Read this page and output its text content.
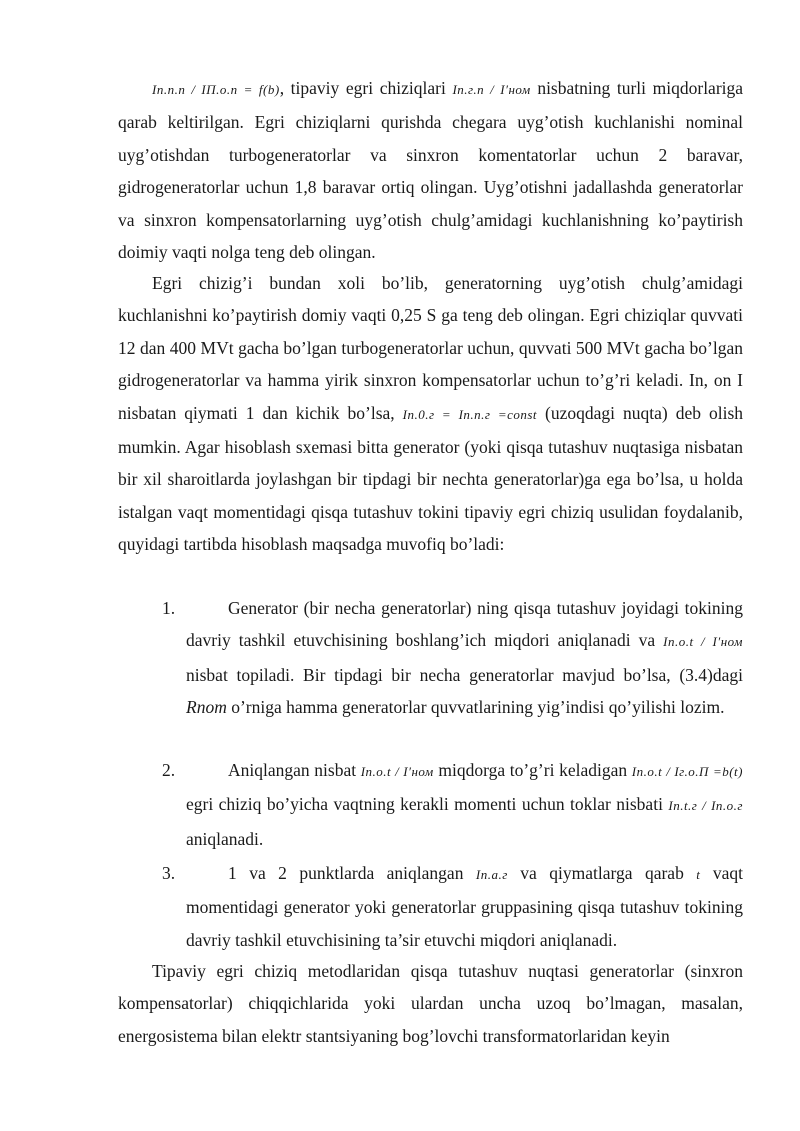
Iп.п.п / IП.о.п = f(b), tipaviy egri chiziqlari Iп.г.п / I′ном nisbatning turli miqdorlariga qarab keltirilgan. Egri chiziqlarni qurishda chegara uyg’otish kuchlanishi nominal uyg’otishdan turbogeneratorlar va sinxron komentatorlar uchun 2 baravar, gidrogeneratorlar uchun 1,8 baravar ortiq olingan. Uyg’otishni jadallashda generatorlar va sinxron kompensatorlarning uyg’otish chulg’amidagi kuchlanishning ko’paytirish doimiy vaqti nolga teng deb olingan.

Egri chizig’i bundan xoli bo’lib, generatorning uyg’otish chulg’amidagi kuchlanishni ko’paytirish domiy vaqti 0,25 S ga teng deb olingan. Egri chiziqlar quvvati 12 dan 400 MVt gacha bo’lgan turbogeneratorlar uchun, quvvati 500 MVt gacha bo’lgan gidrogeneratorlar va hamma yirik sinxron kompensatorlar uchun to’g’ri keladi. In, on I nisbatan qiymati 1 dan kichik bo’lsa, Iп.0.г = Iп.п.г =const (uzoqdagi nuqta) deb olish mumkin. Agar hisoblash sxemasi bitta generator (yoki qisqa tutashuv nuqtasiga nisbatan bir xil sharoitlarda joylashgan bir tipdagi bir nechta generatorlar)ga ega bo’lsa, u holda istalgan vaqt momentidagi qisqa tutashuv tokini tipaviy egri chiziq usulidan foydalanib, quyidagi tartibda hisoblash maqsadga muvofiq bo’ladi:

1.	Generator (bir necha generatorlar) ning qisqa tutashuv joyidagi tokining davriy tashkil etuvchisining boshlang’ich miqdori aniqlanadi va Iп.о.t / I′ном nisbat topiladi. Bir tipdagi bir necha generatorlar mavjud bo’lsa, (3.4)dagi Rnom o’rniga hamma generatorlar quvvatlarining yig’indisi qo’yilishi lozim.
2.	Aniqlangan nisbat Iп.о.t / I′ном miqdorga to’g’ri keladigan Iп.о.t / Iг.о.П =b(t) egri chiziq bo’yicha vaqtning kerakli momenti uchun toklar nisbati Iп.t.г / Iп.о.г aniqlanadi.
3.	1 va 2 punktlarda aniqlangan Iп.а.г va qiymatlarga qarab t vaqt momentidagi generator yoki generatorlar gruppasining qisqa tutashuv tokining davriy tashkil etuvchisining ta’sir etuvchi miqdori aniqlanadi.

Tipaviy egri chiziq metodlaridan qisqa tutashuv nuqtasi generatorlar (sinxron kompensatorlar) chiqqichlarida yoki ulardan uncha uzoq bo’lmagan, masalan, energosistema bilan elektr stantsiyaning bog’lovchi transformatorlaridan keyin
